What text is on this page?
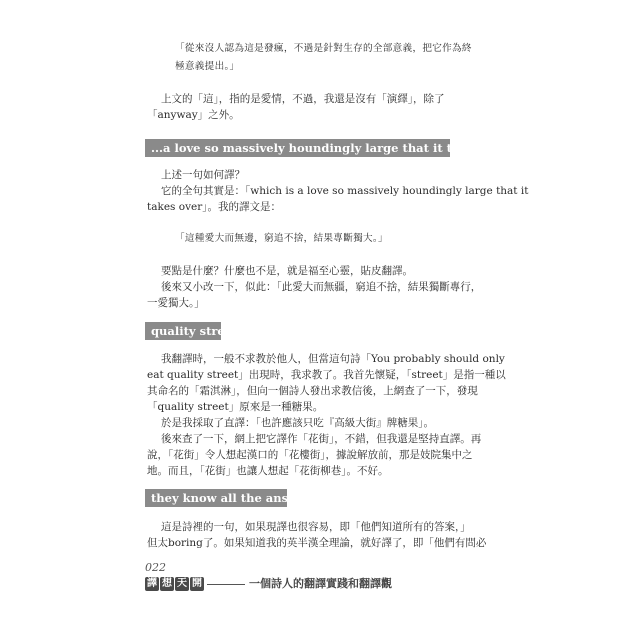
「從來沒人認為這是發瘋，不過是針對生存的全部意義，把它作為終
極意義提出。」
上文的「這」，指的是愛情，不過，我還是沒有「演繹」，除了
「anyway」之外。
...a love so massively houndingly large that it takes over
上述一句如何譯？
它的全句其實是：「which is a love so massively houndingly large that it
takes over」。我的譯文是：
「這種愛大而無邊，窮追不捨，結果專斷獨大。」
要點是什麼？什麼也不是，就是福至心靈，貼皮翻譯。
後來又小改一下，似此：「此愛大而無疆，窮追不捨，結果獨斷專行，
一愛獨大。」
quality street
我翻譯時，一般不求教於他人，但當這句詩「You probably should only
eat quality street」出現時，我求教了。我首先懷疑，「street」是指一種以
其命名的「霜淇淋」，但向一個詩人發出求教信後，上網查了一下，發現
「quality street」原來是一種糖果。
於是我採取了直譯：「也許應該只吃『高級大街』牌糖果」。
後來查了一下，網上把它譯作「花街」，不錯，但我還是堅持直譯。再
說，「花街」令人想起漢口的「花樓街」，據說解放前，那是妓院集中之
地。而且，「花街」也讓人想起「花街柳巷」。不好。
they know all the answers
這是詩裡的一句，如果現譯也很容易，即「他們知道所有的答案，」
但太boring了。如果知道我的英半漢全理論，就好譯了，即「他們有問必
022
譯 想 天 開	一個詩人的翻譯實踐和翻譯觀
